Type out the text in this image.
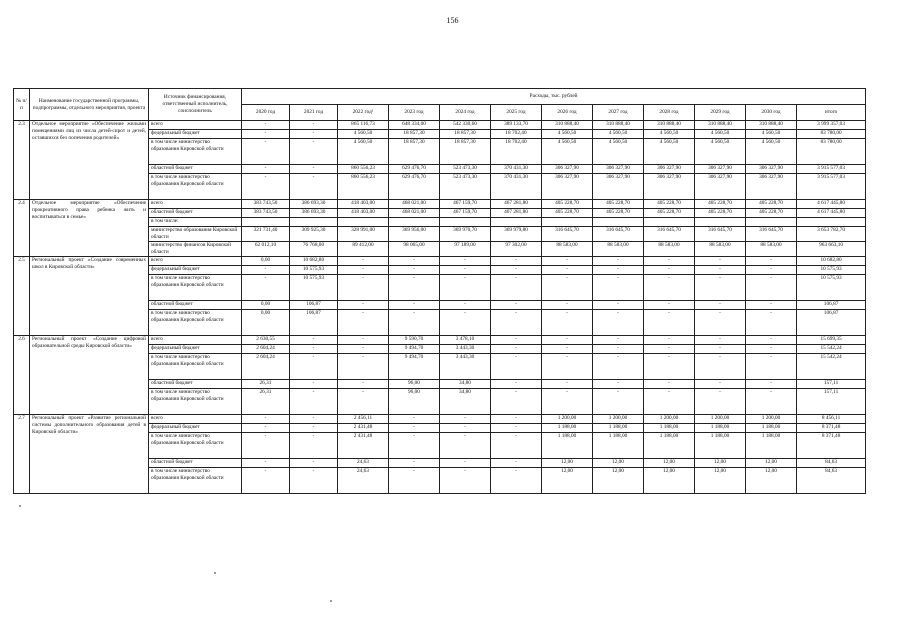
156
№ п/п	Наименование государственной программы, подпрограммы, отдельного мероприятия, проекта	Источник финансирования, ответственный исполнитель, соисполнитель	Расходы, тыс. рублей											
			2020 год	2021 год	2022 год¹	2023 год	2024 год	2025 год	2026 год	2027 год	2028 год	2029 год	2030 год	итого
2.3	Отдельное мероприятие «Обеспечение жилыми помещениями лиц из числа детей-сирот и детей, оставшихся без попечения родителей»	всего	-	-	865 116,73	648 334,00	542 330,60	389 133,70	310 888,40	310 888,40	310 888,40	310 888,40	310 888,40	3 999 357,03
		федеральный бюджет	-	-	4 560,50	18 857,30	18 857,30	18 702,40	4 560,50	4 560,50	4 560,50	4 560,50	4 560,50	83 780,00
		в том числе министерство образования Кировской области	-	-	4 560,50	18 857,30	18 857,30	18 702,40	4 560,50	4 560,50	4 560,50	4 560,50	4 560,50	83 780,00
		областной бюджет	-	-	860 556,23	629 476,70	523 473,30	370 431,30	306 327,90	306 327,90	306 327,90	306 327,90	306 327,90	3 915 577,03
		в том числе министерство образования Кировской области	-	-	860 556,23	629 476,70	523 473,30	370 431,30	306 327,90	306 327,90	306 327,90	306 327,90	306 327,90	3 915 577,03
2.4	Отдельное мероприятие «Обеспечение прокреативного права ребенка жить и воспитываться в семье»	всего	383 743,50	386 693,30	418 403,00	468 021,00	467 159,70	467 281,80	405 228,70	405 228,70	405 228,70	405 228,70	405 228,70	4 617 445,80
		областной бюджет	383 743,50	386 693,30	418 403,00	468 021,00	467 159,70	467 281,80	405 228,70	405 228,70	405 228,70	405 228,70	405 228,70	4 617 445,80
		в том числе:												
		министерство образования Кировской области	321 731,40	309 925,30	328 991,00	369 956,00	369 970,70	369 979,80	316 645,70	316 645,70	316 645,70	316 645,70	316 645,70	3 653 782,70
		министерство финансов Кировской области	62 012,10	76 768,00	89 412,00	98 065,00	97 189,00	97 302,00	88 583,00	88 583,00	88 583,00	88 583,00	88 583,00	963 663,10
2.5	Региональный проект «Создание современных школ в Кировской области»	всего	0,00	10 682,80	-	-	-	-	-	-	-	-	-	10 682,80
		федеральный бюджет	-	10 575,93	-	-	-	-	-	-	-	-	-	10 575,93
		в том числе министерство образования Кировской области	-	10 575,93	-	-	-	-	-	-	-	-	-	10 575,93
		областной бюджет	0,00	106,87	-	-	-	-	-	-	-	-	-	106,87
		в том числе министерство образования Кировской области	0,00	106,87	-	-	-	-	-	-	-	-	-	106,87
2.6	Региональный проект «Создание цифровой образовательной среды Кировской области»	всего	2 630,55	-	-	9 590,70	3 478,10	-	-	-	-	-	-	15 699,35
		федеральный бюджет	2 604,24	-	-	9 494,70	3 443,30	-	-	-	-	-	-	15 542,24
		в том числе министерство образования Кировской области	2 604,24	-	-	9 494,70	3 443,30	-	-	-	-	-	-	15 542,24
		областной бюджет	26,31	-	-	96,00	34,80	-	-	-	-	-	-	157,11
		в том числе министерство образования Кировской области	26,31	-	-	96,00	34,80	-	-	-	-	-	-	157,11
2.7	Региональный проект «Развитие региональной системы дополнительного образования детей в Кировской области»	всего	-	-	2 456,11	-	-	-	1 200,00	1 200,00	1 200,00	1 200,00	1 200,00	8 456,11
		федеральный бюджет	-	-	2 431,48	-	-	-	1 188,00	1 188,00	1 188,00	1 188,00	1 188,00	8 371,48
		в том числе министерство образования Кировской области	-	-	2 431,48	-	-	-	1 188,00	1 188,00	1 188,00	1 188,00	1 188,00	8 371,48
		областной бюджет	-	-	24,63	-	-	-	12,00	12,00	12,00	12,00	12,00	84,63
		в том числе министерство образования Кировской области	-	-	24,63	-	-	-	12,00	12,00	12,00	12,00	12,00	84,63
